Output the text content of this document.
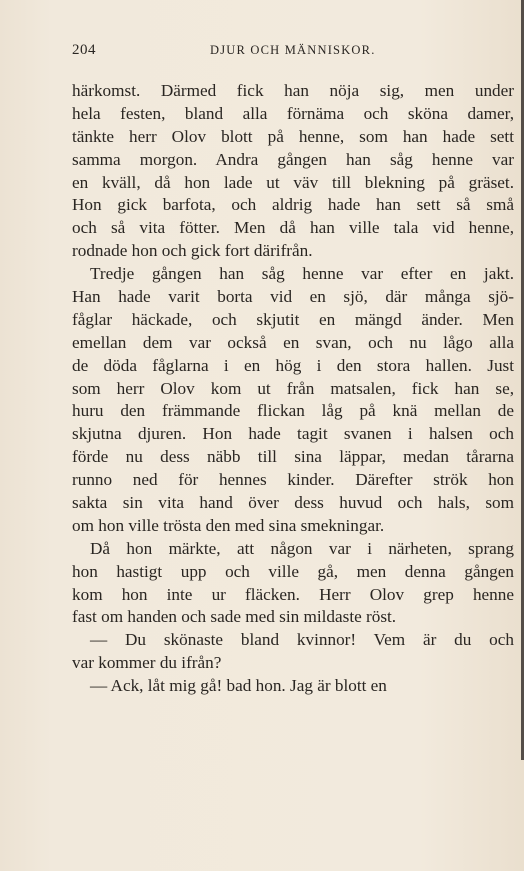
204	DJUR OCH MÄNNISKOR.
härkomst. Därmed fick han nöja sig, men under
hela festen, bland alla förnäma och sköna damer,
tänkte herr Olov blott på henne, som han hade sett
samma morgon. Andra gången han såg henne var
en kväll, då hon lade ut väv till blekning på gräset.
Hon gick barfota, och aldrig hade han sett så små
och så vita fötter. Men då han ville tala vid henne,
rodnade hon och gick fort därifrån.
Tredje gången han såg henne var efter en jakt.
Han hade varit borta vid en sjö, där många sjö-
fåglar häckade, och skjutit en mängd änder. Men
emellan dem var också en svan, och nu lågo alla
de döda fåglarna i en hög i den stora hallen. Just
som herr Olov kom ut från matsalen, fick han se,
huru den främmande flickan låg på knä mellan de
skjutna djuren. Hon hade tagit svanen i halsen och
förde nu dess näbb till sina läppar, medan tårarna
runno ned för hennes kinder. Därefter strök hon
sakta sin vita hand över dess huvud och hals, som
om hon ville trösta den med sina smekningar.
Då hon märkte, att någon var i närheten, sprang
hon hastigt upp och ville gå, men denna gången
kom hon inte ur fläcken. Herr Olov grep henne
fast om handen och sade med sin mildaste röst.
— Du skönaste bland kvinnor! Vem är du och
var kommer du ifrån?
— Ack, låt mig gå! bad hon. Jag är blott en
